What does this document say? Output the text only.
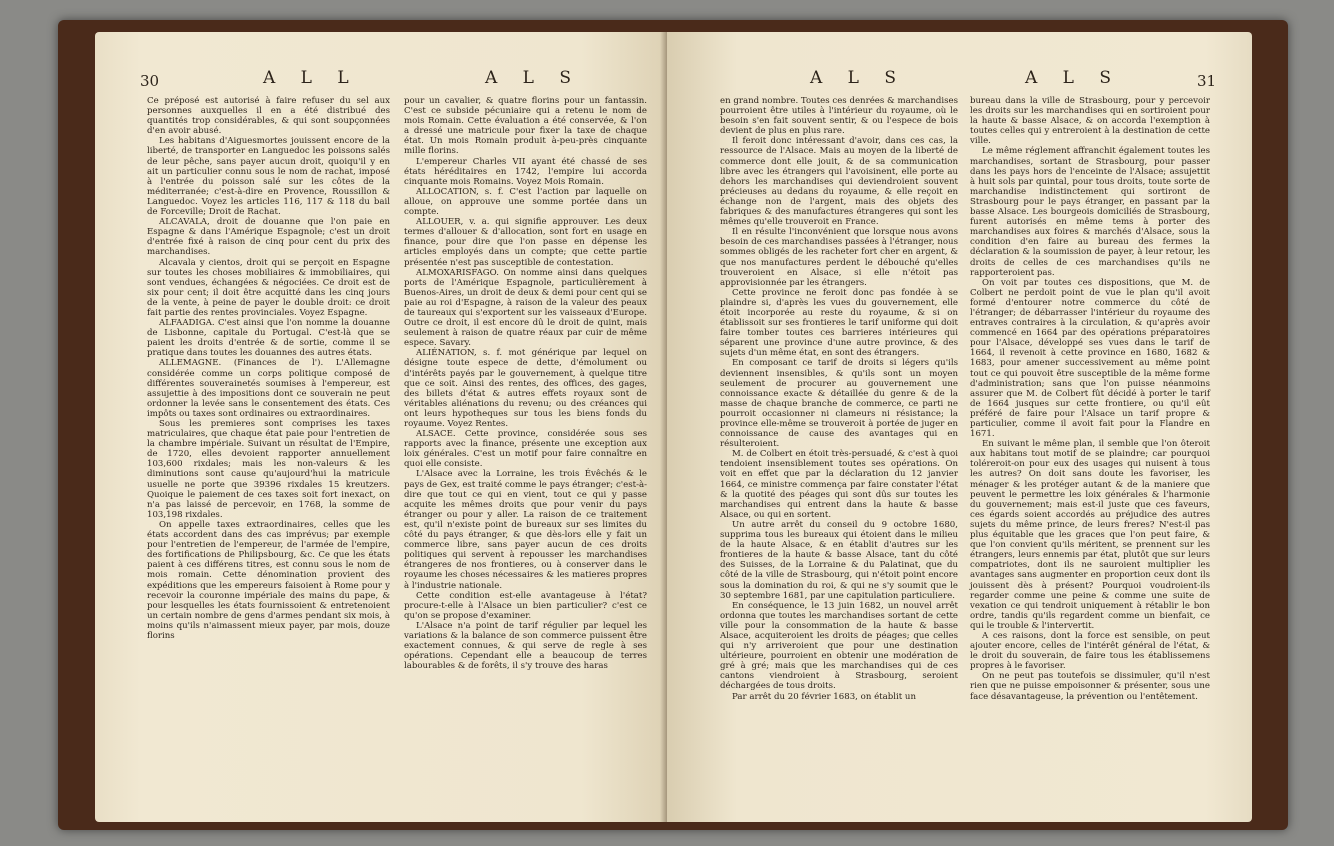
30	A L L	A L S

Ce préposé est autorisé à faire refuser du sel aux personnes auxquelles il en a été distribué des quantités trop considérables, & qui sont soupçonnées d'en avoir abusé.

Les habitans d'Aiguesmortes jouissent encore de la liberté, de transporter en Languedoc les poissons salés de leur pêche, sans payer aucun droit, quoiqu'il y en ait un particulier connu sous le nom de rachat, imposé à l'entrée du poisson salé sur les côtes de la méditerranée; c'est-à-dire en Provence, Roussillon & Languedoc. Voyez les articles 116, 117 & 118 du bail de Forceville; Droit de Rachat.

ALCAVALA, droit de douanne que l'on paie en Espagne & dans l'Amérique Espagnole; c'est un droit d'entrée fixé à raison de cinq pour cent du prix des marchandises.

Alcavala y cientos, droit qui se perçoit en Espagne sur toutes les choses mobiliaires & immobiliaires, qui sont vendues, échangées & négociées. Ce droit est de six pour cent; il doit être acquitté dans les cinq jours de la vente, à peine de payer le double droit: ce droit fait partie des rentes provinciales. Voyez Espagne.

ALFAADIGA. C'est ainsi que l'on nomme la douanne de Lisbonne, capitale du Portugal. C'est-là que se paient les droits d'entrée & de sortie, comme il se pratique dans toutes les douannes des autres états.

ALLEMAGNE. (Finances de l'). L'Allemagne considérée comme un corps politique composé de différentes souverainetés soumises à l'empereur, est assujettie à des impositions dont ce souverain ne peut ordonner la levée sans le consentement des états. Ces impôts ou taxes sont ordinaires ou extraordinaires.

Sous les premieres sont comprises les taxes matriculaires, que chaque état paie pour l'entretien de la chambre impériale. Suivant un résultat de l'Empire, de 1720, elles devoient rapporter annuellement 103,600 rixdales; mais les non-valeurs & les diminutions sont cause qu'aujourd'hui la matricule usuelle ne porte que 39396 rixdales 15 kreutzers. Quoique le paiement de ces taxes soit fort inexact, on n'a pas laissé de percevoir, en 1768, la somme de 103,198 rixdales.

On appelle taxes extraordinaires, celles que les états accordent dans des cas imprévus; par exemple pour l'entretien de l'empereur, de l'armée de l'empire, des fortifications de Philipsbourg, &c. Ce que les états paient à ces différens titres, est connu sous le nom de mois romain. Cette dénomination provient des expéditions que les empereurs faisoient à Rome pour y recevoir la couronne impériale des mains du pape, & pour lesquelles les états fournissoient & entretenoient un certain nombre de gens d'armes pendant six mois, à moins qu'ils n'aimassent mieux payer, par mois, douze florins

pour un cavalier, & quatre florins pour un fantassin. C'est ce subside pécuniaire qui a retenu le nom de mois Romain. Cette évaluation a été conservée, & l'on a dressé une matricule pour fixer la taxe de chaque état. Un mois Romain produit à-peu-près cinquante mille florins.

L'empereur Charles VII ayant été chassé de ses états héréditaires en 1742, l'empire lui accorda cinquante mois Romains. Voyez Mois Romain.

ALLOCATION, s. f. C'est l'action par laquelle on alloue, on approuve une somme portée dans un compte.

ALLOUER, v. a. qui signifie approuver. Les deux termes d'allouer & d'allocation, sont fort en usage en finance, pour dire que l'on passe en dépense les articles employés dans un compte; que cette partie présentée n'est pas susceptible de contestation.

ALMOXARISFAGO. On nomme ainsi dans quelques ports de l'Amérique Espagnole, particulièrement à Buenos-Aires, un droit de deux & demi pour cent qui se paie au roi d'Espagne, à raison de la valeur des peaux de taureaux qui s'exportent sur les vaisseaux d'Europe. Outre ce droit, il est encore dû le droit de quint, mais seulement à raison de quatre réaux par cuir de même espece. Savary.

ALIÉNATION, s. f. mot générique par lequel on désigne toute espece de dette, d'émolument ou d'intérêts payés par le gouvernement, à quelque titre que ce soit. Ainsi des rentes, des offices, des gages, des billets d'état & autres effets royaux sont de véritables aliénations du revenu; ou des créances qui ont leurs hypotheques sur tous les biens fonds du royaume. Voyez Rentes.

ALSACE. Cette province, considérée sous ses rapports avec la finance, présente une exception aux loix générales. C'est un motif pour faire connaître en quoi elle consiste.

L'Alsace avec la Lorraine, les trois Évêchés & le pays de Gex, est traité comme le pays étranger; c'est-à-dire que tout ce qui en vient, tout ce qui y passe acquite les mêmes droits que pour venir du pays étranger ou pour y aller. La raison de ce traitement est, qu'il n'existe point de bureaux sur ses limites du côté du pays étranger, & que dès-lors elle y fait un commerce libre, sans payer aucun de ces droits politiques qui servent à repousser les marchandises étrangeres de nos frontieres, ou à conserver dans le royaume les choses nécessaires & les matieres propres à l'industrie nationale.

Cette condition est-elle avantageuse à l'état? procure-t-elle à l'Alsace un bien particulier? c'est ce qu'on se propose d'examiner.

L'Alsace n'a point de tarif régulier par lequel les variations & la balance de son commerce puissent être exactement connues, & qui serve de regle à ses opérations. Cependant elle a beaucoup de terres labourables & de forêts, il s'y trouve des haras

A L S	A L S	31

en grand nombre. Toutes ces denrées & marchandises pourroient être utiles à l'intérieur du royaume, où le besoin s'en fait souvent sentir, & ou l'espece de bois devient de plus en plus rare.

Il feroit donc intéressant d'avoir, dans ces cas, la ressource de l'Alsace. Mais au moyen de la liberté de commerce dont elle jouit, & de sa communication libre avec les étrangers qui l'avoisinent, elle porte au dehors les marchandises qui deviendroient souvent précieuses au dedans du royaume, & elle reçoit en échange non de l'argent, mais des objets des fabriques & des manufactures étrangeres qui sont les mêmes qu'elle trouveroit en France.

Il en résulte l'inconvénient que lorsque nous avons besoin de ces marchandises passées à l'étranger, nous sommes obligés de les racheter fort cher en argent, & que nos manufactures perdent le débouché qu'elles trouveroient en Alsace, si elle n'étoit pas approvisionnée par les étrangers.

Cette province ne feroit donc pas fondée à se plaindre si, d'après les vues du gouvernement, elle étoit incorporée au reste du royaume, & si on établissoit sur ses frontieres le tarif uniforme qui doit faire tomber toutes ces barrieres intérieures qui séparent une province d'une autre province, & des sujets d'un même état, en sont des étrangers.

En composant ce tarif de droits si légers qu'ils deviennent insensibles, & qu'ils sont un moyen seulement de procurer au gouvernement une connoissance exacte & détaillée du genre & de la masse de chaque branche de commerce, ce parti ne pourroit occasionner ni clameurs ni résistance; la province elle-même se trouveroit à portée de juger en connoissance de cause des avantages qui en résulteroient.

M. de Colbert en étoit très-persuadé, & c'est à quoi tendoient insensiblement toutes ses opérations. On voit en effet que par la déclaration du 12 janvier 1664, ce ministre commença par faire constater l'état & la quotité des péages qui sont dûs sur toutes les marchandises qui entrent dans la haute & basse Alsace, ou qui en sortent.

Un autre arrêt du conseil du 9 octobre 1680, supprima tous les bureaux qui étoient dans le milieu de la haute Alsace, & en établit d'autres sur les frontieres de la haute & basse Alsace, tant du côté des Suisses, de la Lorraine & du Palatinat, que du côté de la ville de Strasbourg, qui n'étoit point encore sous la domination du roi, & qui ne s'y soumit que le 30 septembre 1681, par une capitulation particuliere.

En conséquence, le 13 juin 1682, un nouvel arrêt ordonna que toutes les marchandises sortant de cette ville pour la consommation de la haute & basse Alsace, acquiteroient les droits de péages; que celles qui n'y arriveroient que pour une destination ultérieure, pourroient en obtenir une modération de gré à gré; mais que les marchandises qui de ces cantons viendroient à Strasbourg, seroient déchargées de tous droits.

Par arrêt du 20 février 1683, on établit un

bureau dans la ville de Strasbourg, pour y percevoir les droits sur les marchandises qui en sortiroient pour la haute & basse Alsace, & on accorda l'exemption à toutes celles qui y entreroient à la destination de cette ville.

Le même réglement affranchit également toutes les marchandises, sortant de Strasbourg, pour passer dans les pays hors de l'enceinte de l'Alsace; assujettit à huit sols par quintal, pour tous droits, toute sorte de marchandise indistinctement qui sortiront de Strasbourg pour le pays étranger, en passant par la basse Alsace. Les bourgeois domiciliés de Strasbourg, furent autorisés en même tems à porter des marchandises aux foires & marchés d'Alsace, sous la condition d'en faire au bureau des fermes la déclaration & la soumission de payer, à leur retour, les droits de celles de ces marchandises qu'ils ne rapporteroient pas.

On voit par toutes ces dispositions, que M. de Colbert ne perdoit point de vue le plan qu'il avoit formé d'entourer notre commerce du côté de l'étranger; de débarrasser l'intérieur du royaume des entraves contraires à la circulation, & qu'après avoir commencé en 1664 par des opérations préparatoires pour l'Alsace, développé ses vues dans le tarif de 1664, il revenoit à cette province en 1680, 1682 & 1683, pour amener successivement au même point tout ce qui pouvoit être susceptible de la même forme d'administration; sans que l'on puisse néanmoins assurer que M. de Colbert fût décidé à porter le tarif de 1664 jusques sur cette frontiere, ou qu'il eût préféré de faire pour l'Alsace un tarif propre & particulier, comme il avoit fait pour la Flandre en 1671.

En suivant le même plan, il semble que l'on ôteroit aux habitans tout motif de se plaindre; car pourquoi toléreroit-on pour eux des usages qui nuisent à tous les autres? On doit sans doute les favoriser, les ménager & les protéger autant & de la maniere que peuvent le permettre les loix générales & l'harmonie du gouvernement; mais est-il juste que ces faveurs, ces égards soient accordés au préjudice des autres sujets du même prince, de leurs freres? N'est-il pas plus équitable que les graces que l'on peut faire, & que l'on convient qu'ils méritent, se prennent sur les étrangers, leurs ennemis par état, plutôt que sur leurs compatriotes, dont ils ne sauroient multiplier les avantages sans augmenter en proportion ceux dont ils jouissent dès à présent? Pourquoi voudroient-ils regarder comme une peine & comme une suite de vexation ce qui tendroit uniquement à rétablir le bon ordre, tandis qu'ils regardent comme un bienfait, ce qui le trouble & l'intervertit.

A ces raisons, dont la force est sensible, on peut ajouter encore, celles de l'intérêt général de l'état, & le droit du souverain, de faire tous les établissemens propres à le favoriser.

On ne peut pas toutefois se dissimuler, qu'il n'est rien que ne puisse empoisonner & présenter, sous une face désavantageuse, la prévention ou l'entêtement.
